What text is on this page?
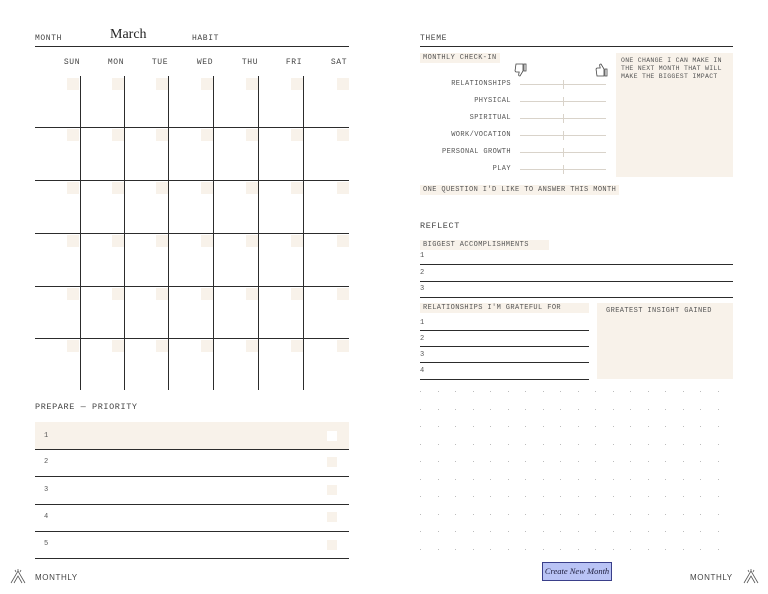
MONTH	March	HABIT
SUN	MON	TUE	WED	THU	FRI	SAT
PREPARE — PRIORITY
1
2
3
4
5
THEME
MONTHLY CHECK-IN
RELATIONSHIPS
PHYSICAL
SPIRITUAL
WORK/VOCATION
PERSONAL GROWTH
PLAY
ONE CHANGE I CAN MAKE IN THE NEXT MONTH THAT WILL MAKE THE BIGGEST IMPACT
ONE QUESTION I'D LIKE TO ANSWER THIS MONTH
REFLECT
BIGGEST ACCOMPLISHMENTS
1
2
3
RELATIONSHIPS I'M GRATEFUL FOR
1
2
3
4
GREATEST INSIGHT GAINED
MONTHLY
Create New Month
MONTHLY
